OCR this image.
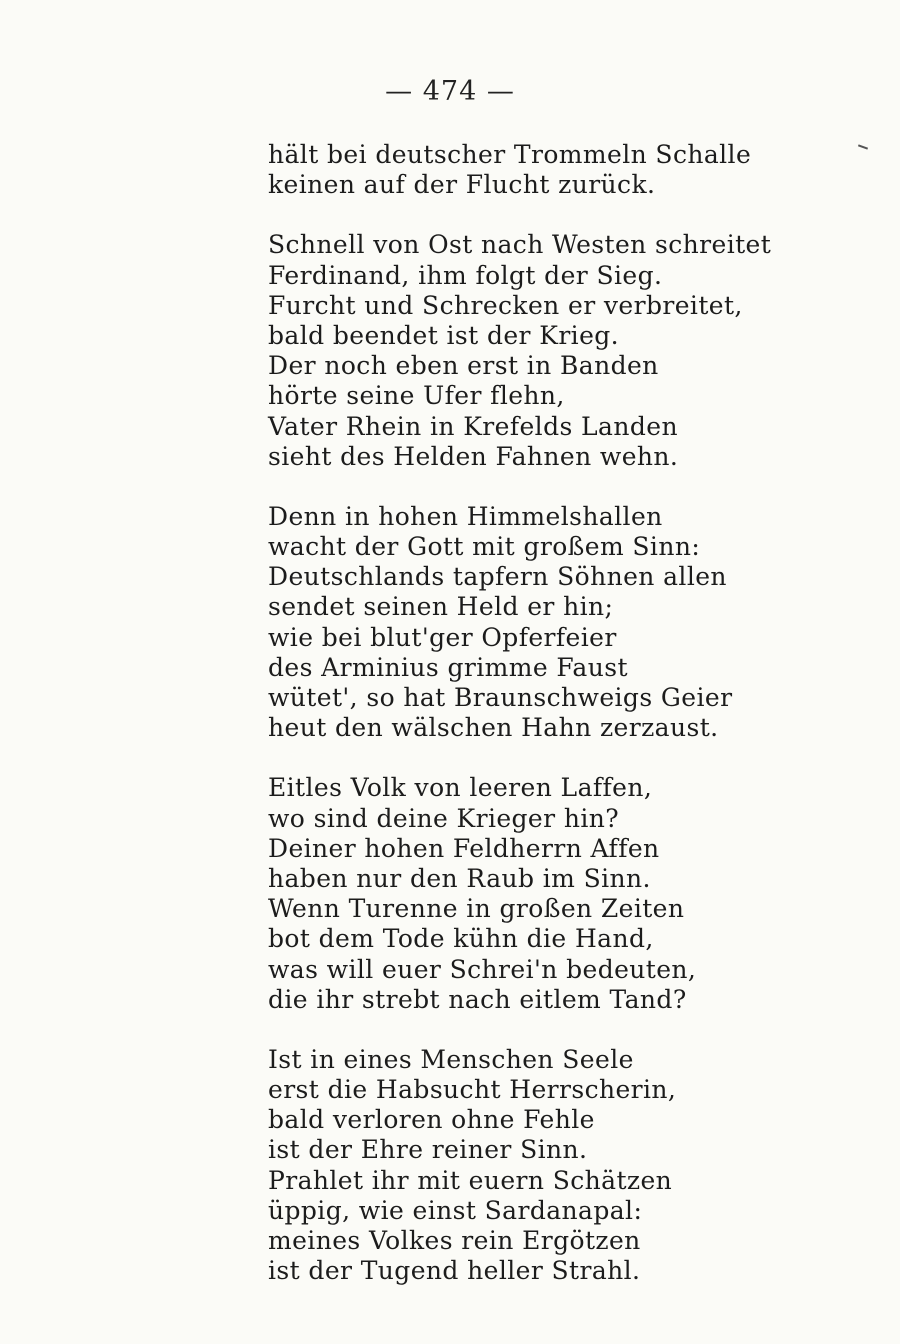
— 474 —
hält bei deutscher Trommeln Schalle
keinen auf der Flucht zurück.
Schnell von Ost nach Westen schreitet
Ferdinand, ihm folgt der Sieg.
Furcht und Schrecken er verbreitet,
bald beendet ist der Krieg.
Der noch eben erst in Banden
hörte seine Ufer flehn,
Vater Rhein in Krefelds Landen
sieht des Helden Fahnen wehn.
Denn in hohen Himmelshallen
wacht der Gott mit großem Sinn:
Deutschlands tapfern Söhnen allen
sendet seinen Held er hin;
wie bei blut'ger Opferfeier
des Arminius grimme Faust
wütet', so hat Braunschweigs Geier
heut den wälschen Hahn zerzaust.
Eitles Volk von leeren Laffen,
wo sind deine Krieger hin?
Deiner hohen Feldherrn Affen
haben nur den Raub im Sinn.
Wenn Turenne in großen Zeiten
bot dem Tode kühn die Hand,
was will euer Schrei'n bedeuten,
die ihr strebt nach eitlem Tand?
Ist in eines Menschen Seele
erst die Habsucht Herrscherin,
bald verloren ohne Fehle
ist der Ehre reiner Sinn.
Prahlet ihr mit euern Schätzen
üppig, wie einst Sardanapal:
meines Volkes rein Ergötzen
ist der Tugend heller Strahl.
